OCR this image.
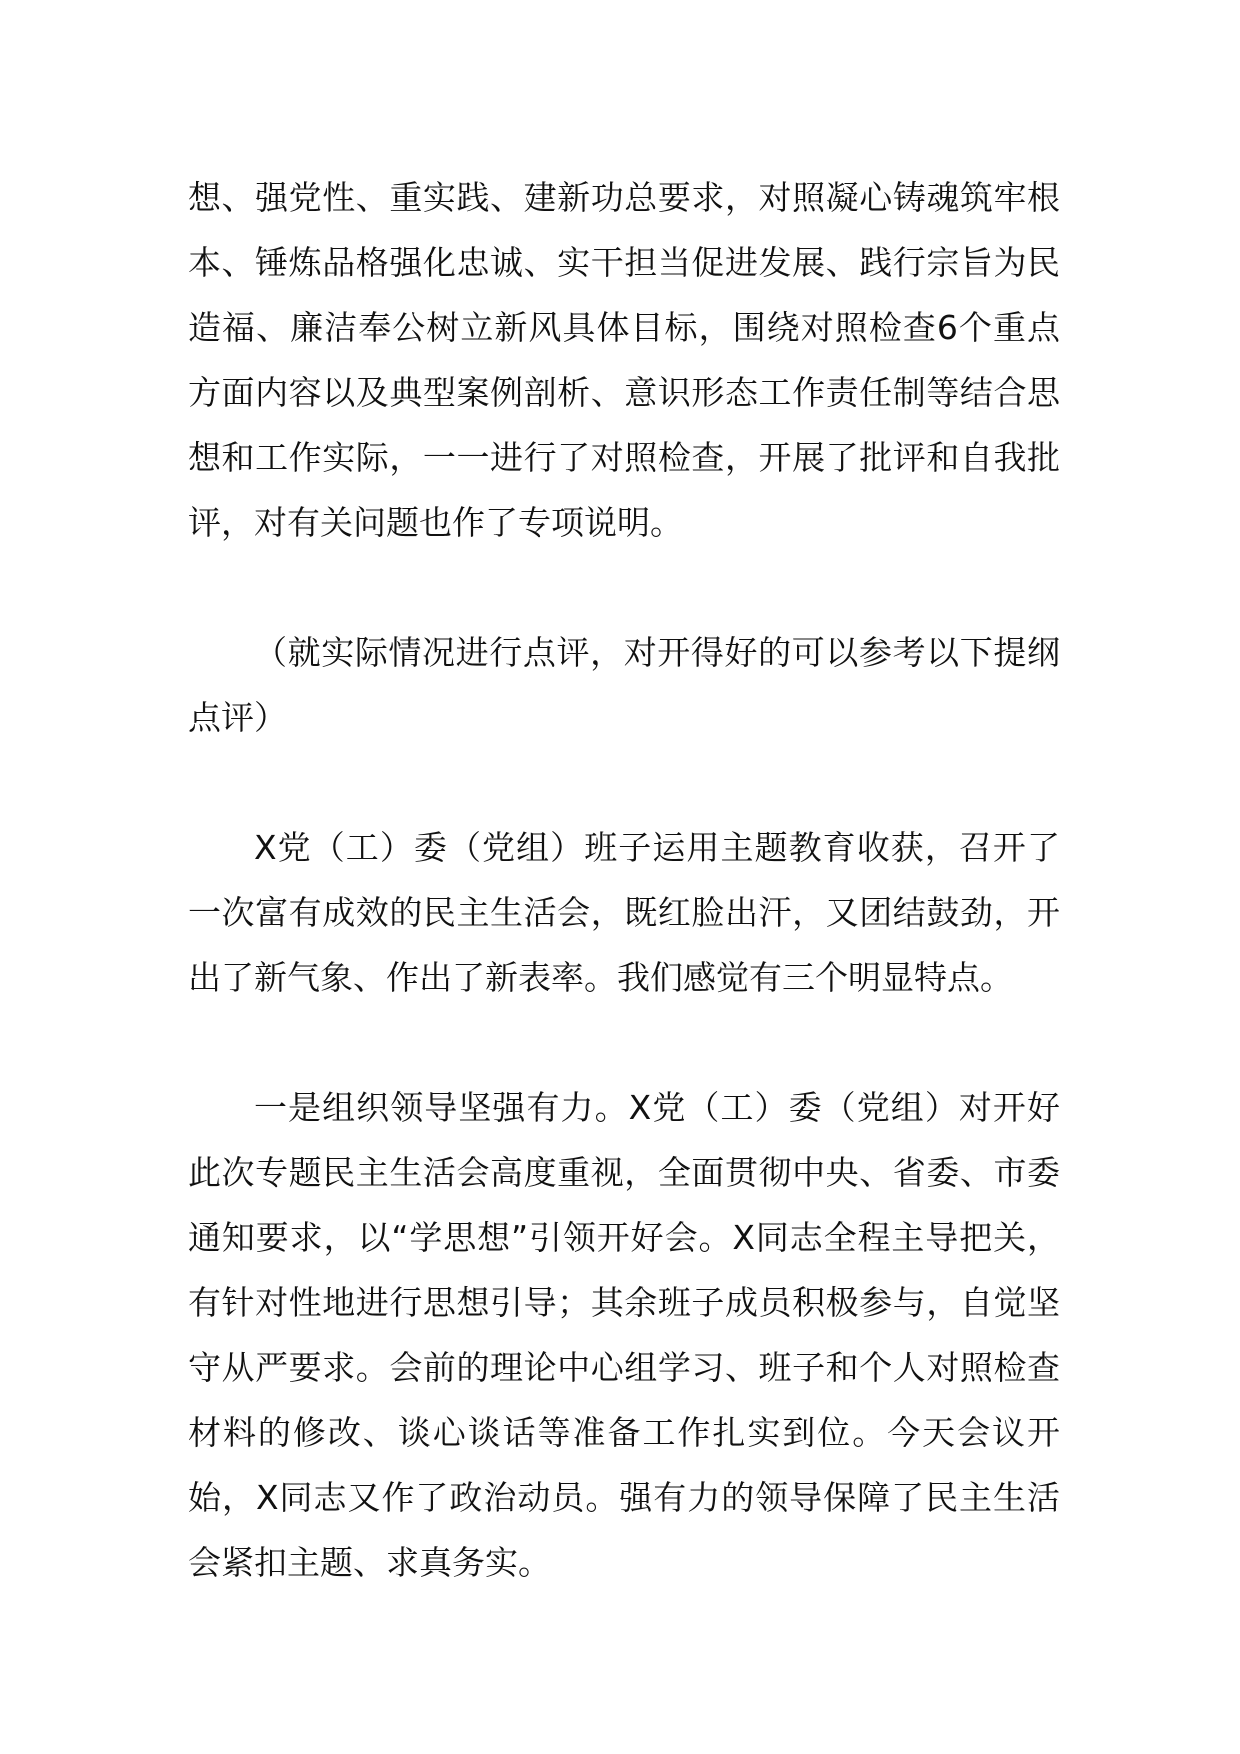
想、强党性、重实践、建新功总要求，对照凝心铸魂筑牢根本、锤炼品格强化忠诚、实干担当促进发展、践行宗旨为民造福、廉洁奉公树立新风具体目标，围绕对照检查6个重点方面内容以及典型案例剖析、意识形态工作责任制等结合思想和工作实际，一一进行了对照检查，开展了批评和自我批评，对有关问题也作了专项说明。

（就实际情况进行点评，对开得好的可以参考以下提纲点评）

X党（工）委（党组）班子运用主题教育收获，召开了一次富有成效的民主生活会，既红脸出汗，又团结鼓劲，开出了新气象、作出了新表率。我们感觉有三个明显特点。

一是组织领导坚强有力。X党（工）委（党组）对开好此次专题民主生活会高度重视，全面贯彻中央、省委、市委通知要求，以“学思想”引领开好会。X同志全程主导把关，有针对性地进行思想引导；其余班子成员积极参与，自觉坚守从严要求。会前的理论中心组学习、班子和个人对照检查材料的修改、谈心谈话等准备工作扎实到位。今天会议开始，X同志又作了政治动员。强有力的领导保障了民主生活会紧扣主题、求真务实。
